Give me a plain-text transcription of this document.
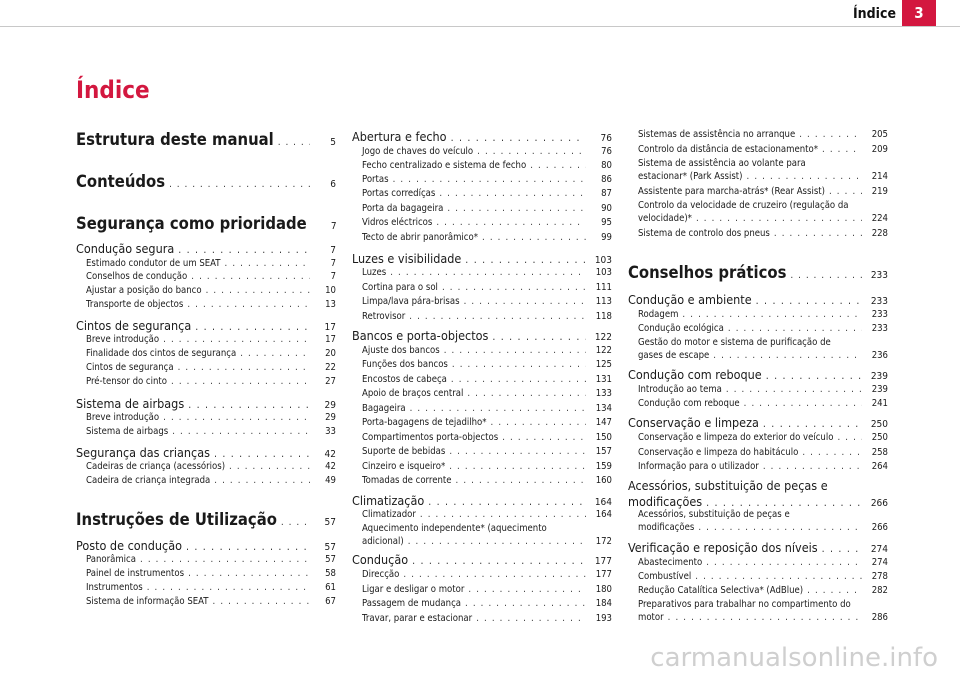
Índice	3
Índice
Estrutura deste manual . . .	5
Conteúdos . . .	6
Segurança como prioridade	7
Condução segura . . .	7
Estimado condutor de um SEAT . . .	7
Conselhos de condução . . .	7
Ajustar a posição do banco . . .	10
Transporte de objectos . . .	13
Cintos de segurança . . .	17
Breve introdução . . .	17
Finalidade dos cintos de segurança . . .	20
Cintos de segurança . . .	22
Pré-tensor do cinto . . .	27
Sistema de airbags . . .	29
Breve introdução . . .	29
Sistema de airbags . . .	33
Segurança das crianças . . .	42
Cadeiras de criança (acessórios) . . .	42
Cadeira de criança integrada . . .	49
Instruções de Utilização . . .	57
Posto de condução . . .	57
Panorâmica . . .	57
Painel de instrumentos . . .	58
Instrumentos . . .	61
Sistema de informação SEAT . . .	67
Abertura e fecho . . .	76
Jogo de chaves do veículo . . .	76
Fecho centralizado e sistema de fecho . . .	80
Portas . . .	86
Portas corredíças . . .	87
Porta da bagageira . . .	90
Vidros eléctricos . . .	95
Tecto de abrir panorâmico* . . .	99
Luzes e visibilidade . . .	103
Luzes . . .	103
Cortina para o sol . . .	111
Limpa/lava pára-brisas . . .	113
Retrovisor . . .	118
Bancos e porta-objectos . . .	122
Ajuste dos bancos . . .	122
Funções dos bancos . . .	125
Encostos de cabeça . . .	131
Apoio de braços central . . .	133
Bagageira . . .	134
Porta-bagagens de tejadilho* . . .	147
Compartimentos porta-objectos . . .	150
Suporte de bebidas . . .	157
Cinzeiro e isqueiro* . . .	159
Tomadas de corrente . . .	160
Climatização . . .	164
Climatizador . . .	164
Aquecimento independente* (aquecimento
adicional) . . .	172
Condução . . .	177
Direcção . . .	177
Ligar e desligar o motor . . .	180
Passagem de mudança . . .	184
Travar, parar e estacionar . . .	193
Sistemas de assistência no arranque . . .	205
Controlo da distância de estacionamento* . . .	209
Sistema de assistência ao volante para
estacionar* (Park Assist) . . .	214
Assistente para marcha-atrás* (Rear Assist) . . .	219
Controlo da velocidade de cruzeiro (regulação da
velocidade)* . . .	224
Sistema de controlo dos pneus . . .	228
Conselhos práticos . . .	233
Condução e ambiente . . .	233
Rodagem . . .	233
Condução ecológica . . .	233
Gestão do motor e sistema de purificação de
gases de escape . . .	236
Condução com reboque . . .	239
Introdução ao tema . . .	239
Condução com reboque . . .	241
Conservação e limpeza . . .	250
Conservação e limpeza do exterior do veículo . . .	250
Conservação e limpeza do habitáculo . . .	258
Informação para o utilizador . . .	264
Acessórios, substituição de peças e
modificações . . .	266
Acessórios, substituição de peças e
modificações . . .	266
Verificação e reposição dos níveis . . .	274
Abastecimento . . .	274
Combustível . . .	278
Redução Catalítica Selectiva* (AdBlue) . . .	282
Preparativos para trabalhar no compartimento do
motor . . .	286
carmanualsonline.info
